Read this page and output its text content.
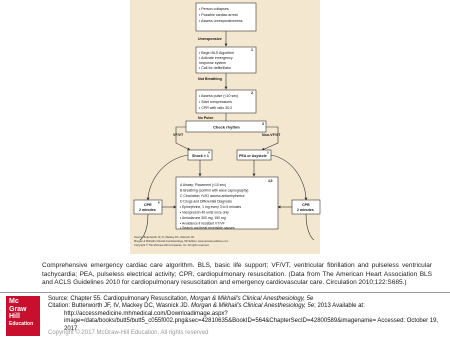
• Person collapses • Possible cardiac arrest • Assess unresponsiveness
Unresponsive
1
• Begin BLS Algorithm • Activate emergency response system • Call for defibrillator
Not Breathing
2
• Assess pulse (<10 sec) • Start compressions • CPR with ratio 30:2
No Pulse
Check rhythm
3
VF/VT	Non-VF/VT
Shock × 1
4
PEA or Asystole
5
4,5
A Airway: Placement (<10 sec) B Breathing (confirm with wave capnography) C Circulation: IV/IO access antiarrhythmics D Drugs and Differential Diagnosis • Epinephrine, 1 mg every 3 to 5 minutes • Vasopressin 40 units once only • Amiodarone 300 mg, 150 mg • Avoidance if resistant VT/VF • Search and treat reversible causes
CPR 2 minutes
6
CPR 2 minutes
Source: Butterworth JF, IV, Mackey DC, Wasnick JD: Morgan & Mikhail's Clinical Anesthesiology, 5th Edition: www.accessmedicine.com Copyright © The McGraw-Hill Companies, Inc. All rights reserved.
Comprehensive emergency cardiac care algorithm. BLS, basic life support; VF/VT, ventricular fibrillation and pulseless ventricular tachycardia; PEA, pulseless electrical activity; CPR, cardiopulmonary resuscitation. (Data from The American Heart Association BLS and ACLS Guidelines 2010 for cardiopulmonary resuscitation and emergency cardiovascular care. Circulation 2010;122:S685.)
Mc
Graw
Hill
Education
Source: Chapter 55. Cardiopulmonary Resuscitation, Morgan & Mikhail's Clinical Anesthesiology, 5e
Citation: Butterworth JF, IV, Mackey DC, Wasnick JD. Morgan & Mikhail's Clinical Anesthesiology, 5e; 2013 Available at:
http://accessmedicine.mhmedical.com/Downloadimage.aspx?image=/data/books/butt5/butt5_c055f002.png&sec=42810635&BookID=564&ChapterSecID=42800589&imagename= Accessed: October 19, 2017
Copyright © 2017 McGraw-Hill Education. All rights reserved
